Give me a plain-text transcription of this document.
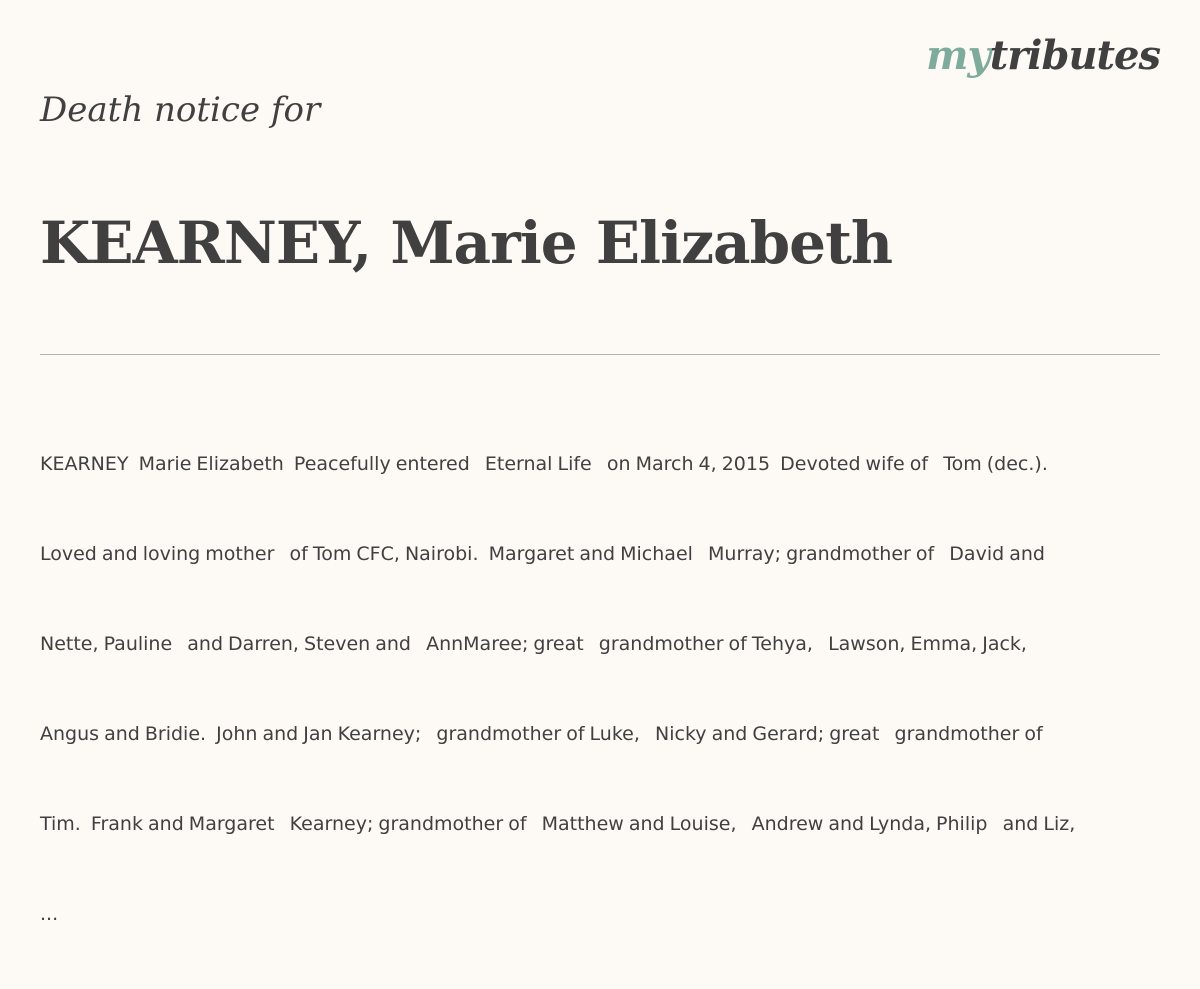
mytributes
Death notice for
KEARNEY, Marie Elizabeth

KEARNEY  Marie Elizabeth  Peacefully entered   Eternal Life   on March 4, 2015  Devoted wife of   Tom (dec.).

Loved and loving mother   of Tom CFC, Nairobi.  Margaret and Michael   Murray; grandmother of   David and

Nette, Pauline   and Darren, Steven and   AnnMaree; great   grandmother of Tehya,   Lawson, Emma, Jack,

Angus and Bridie.  John and Jan Kearney;   grandmother of Luke,   Nicky and Gerard; great   grandmother of

Tim.  Frank and Margaret   Kearney; grandmother of   Matthew and Louise,   Andrew and Lynda, Philip   and Liz,

...
